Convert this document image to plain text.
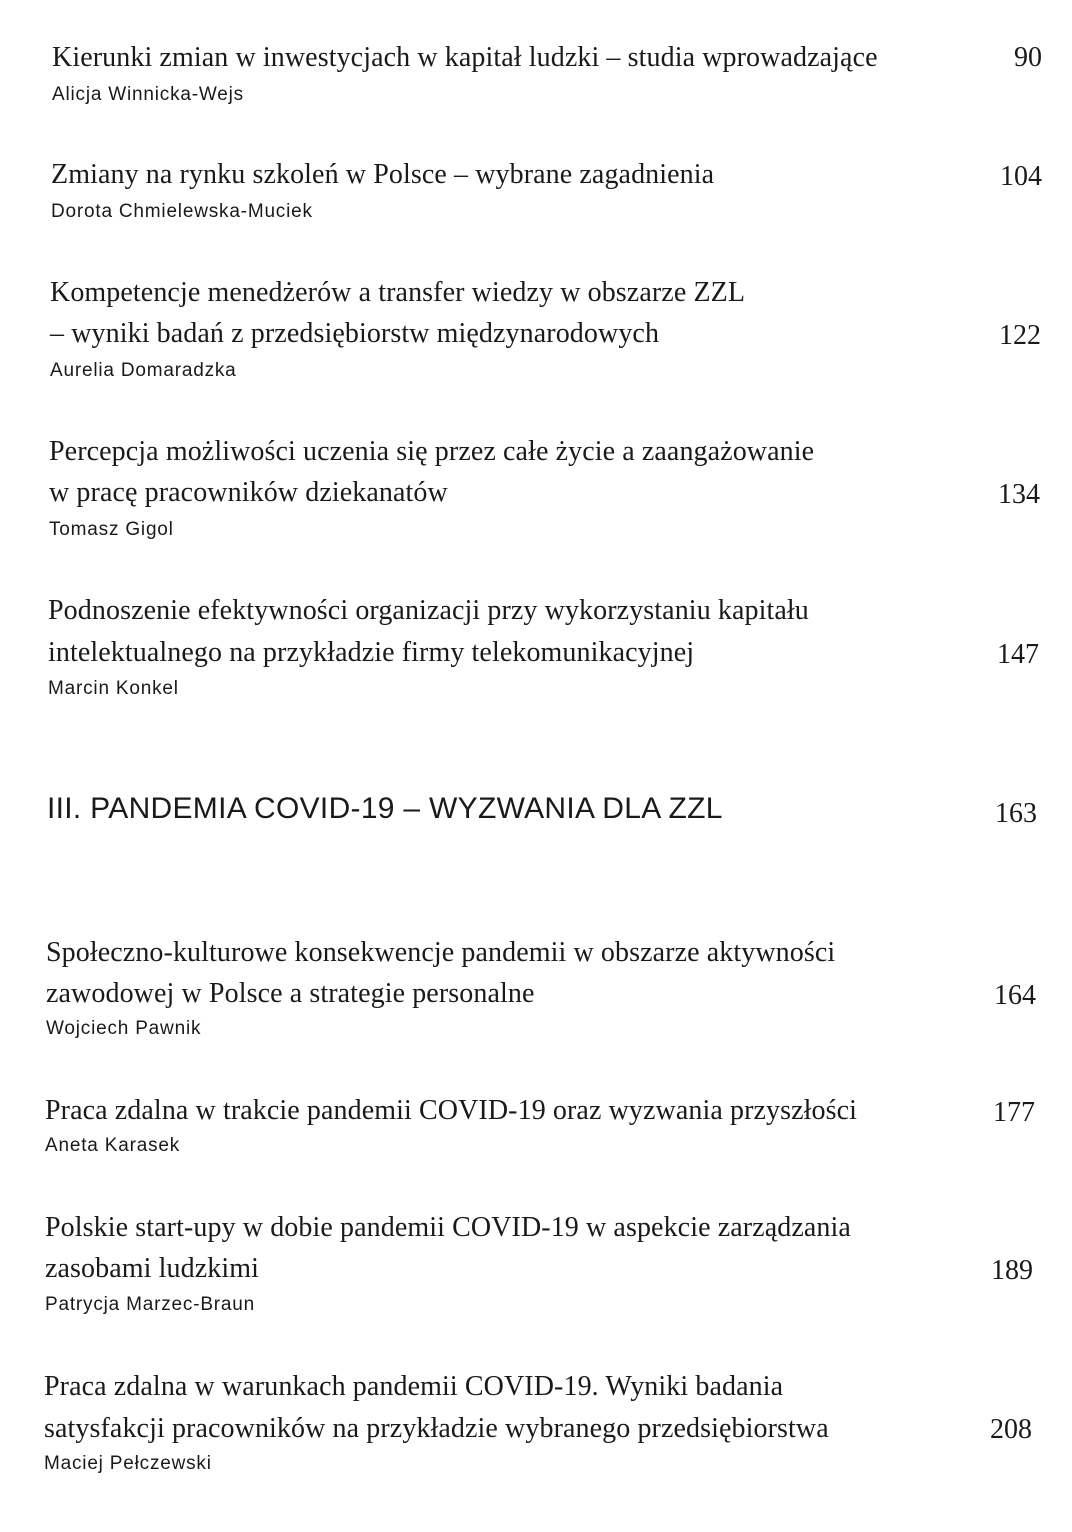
Kierunki zmian w inwestycjach w kapitał ludzki – studia wprowadzające	90
Alicja Winnicka-Wejs
Zmiany na rynku szkoleń w Polsce – wybrane zagadnienia	104
Dorota Chmielewska-Muciek
Kompetencje menedżerów a transfer wiedzy w obszarze ZZL
– wyniki badań z przedsiębiorstw międzynarodowych	122
Aurelia Domaradzka
Percepcja możliwości uczenia się przez całe życie a zaangażowanie
w pracę pracowników dziekanatów	134
Tomasz Gigol
Podnoszenie efektywności organizacji przy wykorzystaniu kapitału
intelektualnego na przykładzie firmy telekomunikacyjnej	147
Marcin Konkel
III. PANDEMIA COVID-19 – WYZWANIA DLA ZZL	163
Społeczno-kulturowe konsekwencje pandemii w obszarze aktywności
zawodowej w Polsce a strategie personalne	164
Wojciech Pawnik
Praca zdalna w trakcie pandemii COVID-19 oraz wyzwania przyszłości	177
Aneta Karasek
Polskie start-upy w dobie pandemii COVID-19 w aspekcie zarządzania
zasobami ludzkimi	189
Patrycja Marzec-Braun
Praca zdalna w warunkach pandemii COVID-19. Wyniki badania
satysfakcji pracowników na przykładzie wybranego przedsiębiorstwa	208
Maciej Pełczewski
